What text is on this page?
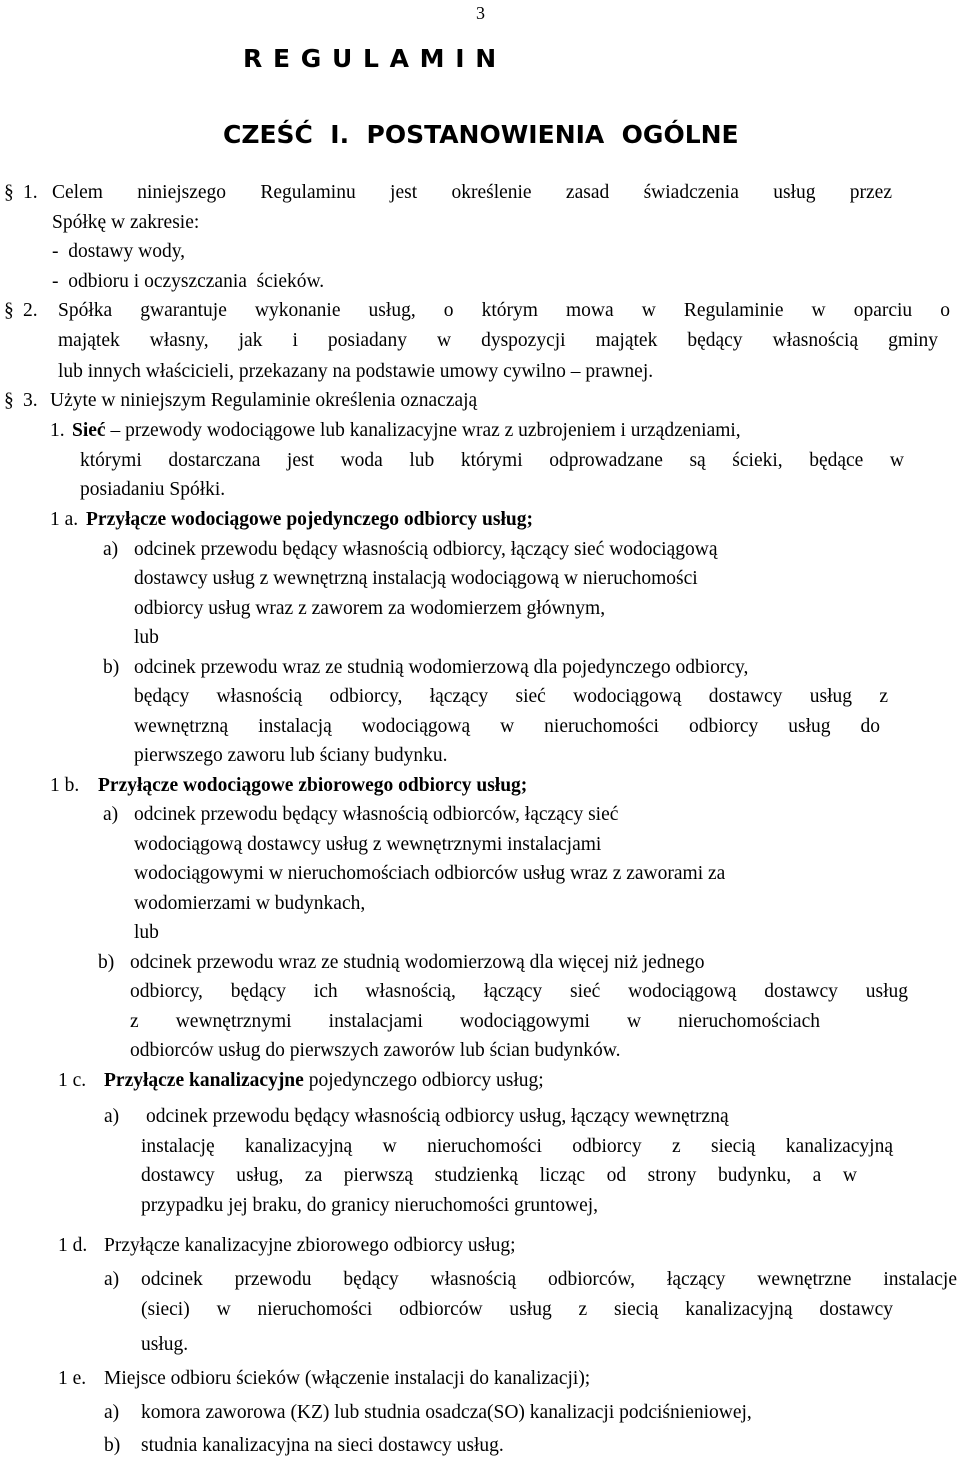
3
R E G U L A M I N
CZEŚĆ  I.  POSTANOWIENIA  OGÓLNE
§ 1. Celem niniejszego Regulaminu jest określenie zasad świadczenia usług przez
Spółkę w zakresie:
-  dostawy wody,
-  odbioru i oczyszczania  ścieków.
§ 2. Spółka gwarantuje wykonanie usług, o którym mowa w Regulaminie w oparciu o
majątek własny, jak i posiadany w dyspozycji majątek będący własnością gminy
lub innych właścicieli, przekazany na podstawie umowy cywilno – prawnej.
§ 3. Użyte w niniejszym Regulaminie określenia oznaczają
1. Sieć – przewody wodociągowe lub kanalizacyjne wraz z uzbrojeniem i urządzeniami,
którymi dostarczana jest woda lub którymi odprowadzane są ścieki, będące w
posiadaniu Spółki.
1 a. Przyłącze wodociągowe pojedynczego odbiorcy usług;
a) odcinek przewodu będący własnością odbiorcy, łączący sieć wodociągową
dostawcy usług z wewnętrzną instalacją wodociągową w nieruchomości
odbiorcy usług wraz z zaworem za wodomierzem głównym,
lub
b) odcinek przewodu wraz ze studnią wodomierzową dla pojedynczego odbiorcy,
będący własnością odbiorcy, łączący sieć wodociągową dostawcy usług z
wewnętrzną instalacją wodociągową w nieruchomości odbiorcy usług do
pierwszego zaworu lub ściany budynku.
1 b. Przyłącze wodociągowe zbiorowego odbiorcy usług;
a) odcinek przewodu będący własnością odbiorców, łączący sieć
wodociągową dostawcy usług z wewnętrznymi instalacjami
wodociągowymi w nieruchomościach odbiorców usług wraz z zaworami za
wodomierzami w budynkach,
lub
b) odcinek przewodu wraz ze studnią wodomierzową dla więcej niż jednego
odbiorcy, będący ich własnością, łączący sieć wodociągową dostawcy usług
z wewnętrznymi instalacjami wodociągowymi w nieruchomościach
odbiorców usług do pierwszych zaworów lub ścian budynków.
1 c. Przyłącze kanalizacyjne pojedynczego odbiorcy usług;
a) odcinek przewodu będący własnością odbiorcy usług, łączący wewnętrzną
instalację kanalizacyjną w nieruchomości odbiorcy z siecią kanalizacyjną
dostawcy usług, za pierwszą studzienką licząc od strony budynku, a w
przypadku jej braku, do granicy nieruchomości gruntowej,
1 d. Przyłącze kanalizacyjne zbiorowego odbiorcy usług;
a) odcinek przewodu będący własnością odbiorców, łączący wewnętrzne instalacje
(sieci) w nieruchomości odbiorców usług z siecią kanalizacyjną dostawcy
usług.
1 e. Miejsce odbioru ścieków (włączenie instalacji do kanalizacji);
a) komora zaworowa (KZ) lub studnia osadcza(SO) kanalizacji podciśnieniowej,
b) studnia kanalizacyjna na sieci dostawcy usług.
